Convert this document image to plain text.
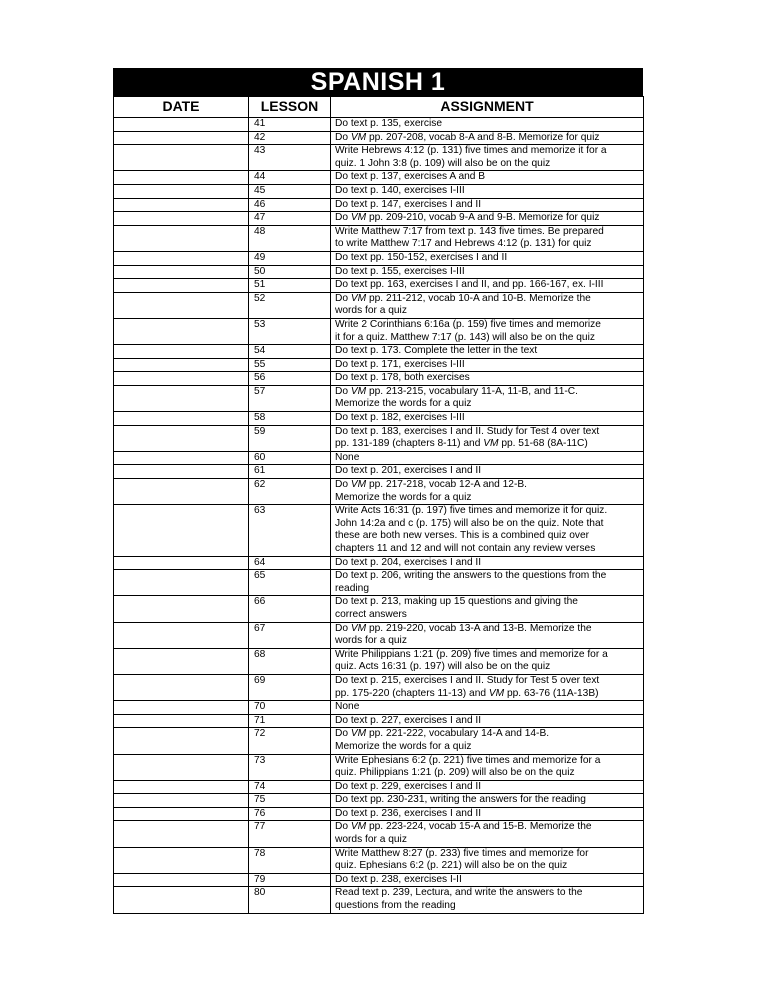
SPANISH 1
DATE	LESSON	ASSIGNMENT
	41	Do text p. 135, exercise

	42	Do VM pp. 207-208, vocab 8-A and 8-B. Memorize for quiz

	43	Write Hebrews 4:12 (p. 131) five times and memorize it for a
quiz. 1 John 3:8 (p. 109) will also be on the quiz

	44	Do text p. 137, exercises A and B

	45	Do text p. 140, exercises I-III

	46	Do text p. 147, exercises I and II

	47	Do VM pp. 209-210, vocab 9-A and 9-B. Memorize for quiz

	48	Write Matthew 7:17 from text p. 143 five times. Be prepared
to write Matthew 7:17 and Hebrews 4:12 (p. 131) for quiz

	49	Do text pp. 150-152, exercises I and II

	50	Do text p. 155, exercises I-III

	51	Do text pp. 163, exercises I and II, and pp. 166-167, ex. I-III

	52	Do VM pp. 211-212, vocab 10-A and 10-B. Memorize the
words for a quiz

	53	Write 2 Corinthians 6:16a (p. 159) five times and memorize
it for a quiz. Matthew 7:17 (p. 143) will also be on the quiz

	54	Do text p. 173. Complete the letter in the text

	55	Do text p. 171, exercises I-III

	56	Do text p. 178, both exercises

	57	Do VM pp. 213-215, vocabulary 11-A, 11-B, and 11-C.
Memorize the words for a quiz

	58	Do text p. 182, exercises I-III

	59	Do text p. 183, exercises I and II. Study for Test 4 over text
pp. 131-189 (chapters 8-11) and VM pp. 51-68 (8A-11C)

	60	None

	61	Do text p. 201, exercises I and II

	62	Do VM pp. 217-218, vocab 12-A and 12-B.
Memorize the words for a quiz

	63	Write Acts 16:31 (p. 197) five times and memorize it for quiz.
John 14:2a and c (p. 175) will also be on the quiz. Note that
these are both new verses. This is a combined quiz over
chapters 11 and 12 and will not contain any review verses

	64	Do text p. 204, exercises I and II

	65	Do text p. 206, writing the answers to the questions from the
reading

	66	Do text p. 213, making up 15 questions and giving the
correct answers

	67	Do VM pp. 219-220, vocab 13-A and 13-B. Memorize the
words for a quiz

	68	Write Philippians 1:21 (p. 209) five times and memorize for a
quiz. Acts 16:31 (p. 197) will also be on the quiz

	69	Do text p. 215, exercises I and II. Study for Test 5 over text
pp. 175-220 (chapters 11-13) and VM pp. 63-76 (11A-13B)

	70	None

	71	Do text p. 227, exercises I and II

	72	Do VM pp. 221-222, vocabulary 14-A and 14-B.
Memorize the words for a quiz

	73	Write Ephesians 6:2 (p. 221) five times and memorize for a
quiz. Philippians 1:21 (p. 209) will also be on the quiz

	74	Do text p. 229, exercises I and II

	75	Do text pp. 230-231, writing the answers for the reading

	76	Do text p. 236, exercises I and II

	77	Do VM pp. 223-224, vocab 15-A and 15-B. Memorize the
words for a quiz

	78	Write Matthew 8:27 (p. 233) five times and memorize for
quiz. Ephesians 6:2 (p. 221) will also be on the quiz

	79	Do text p. 238, exercises I-II

	80	Read text p. 239, Lectura, and write the answers to the
questions from the reading
